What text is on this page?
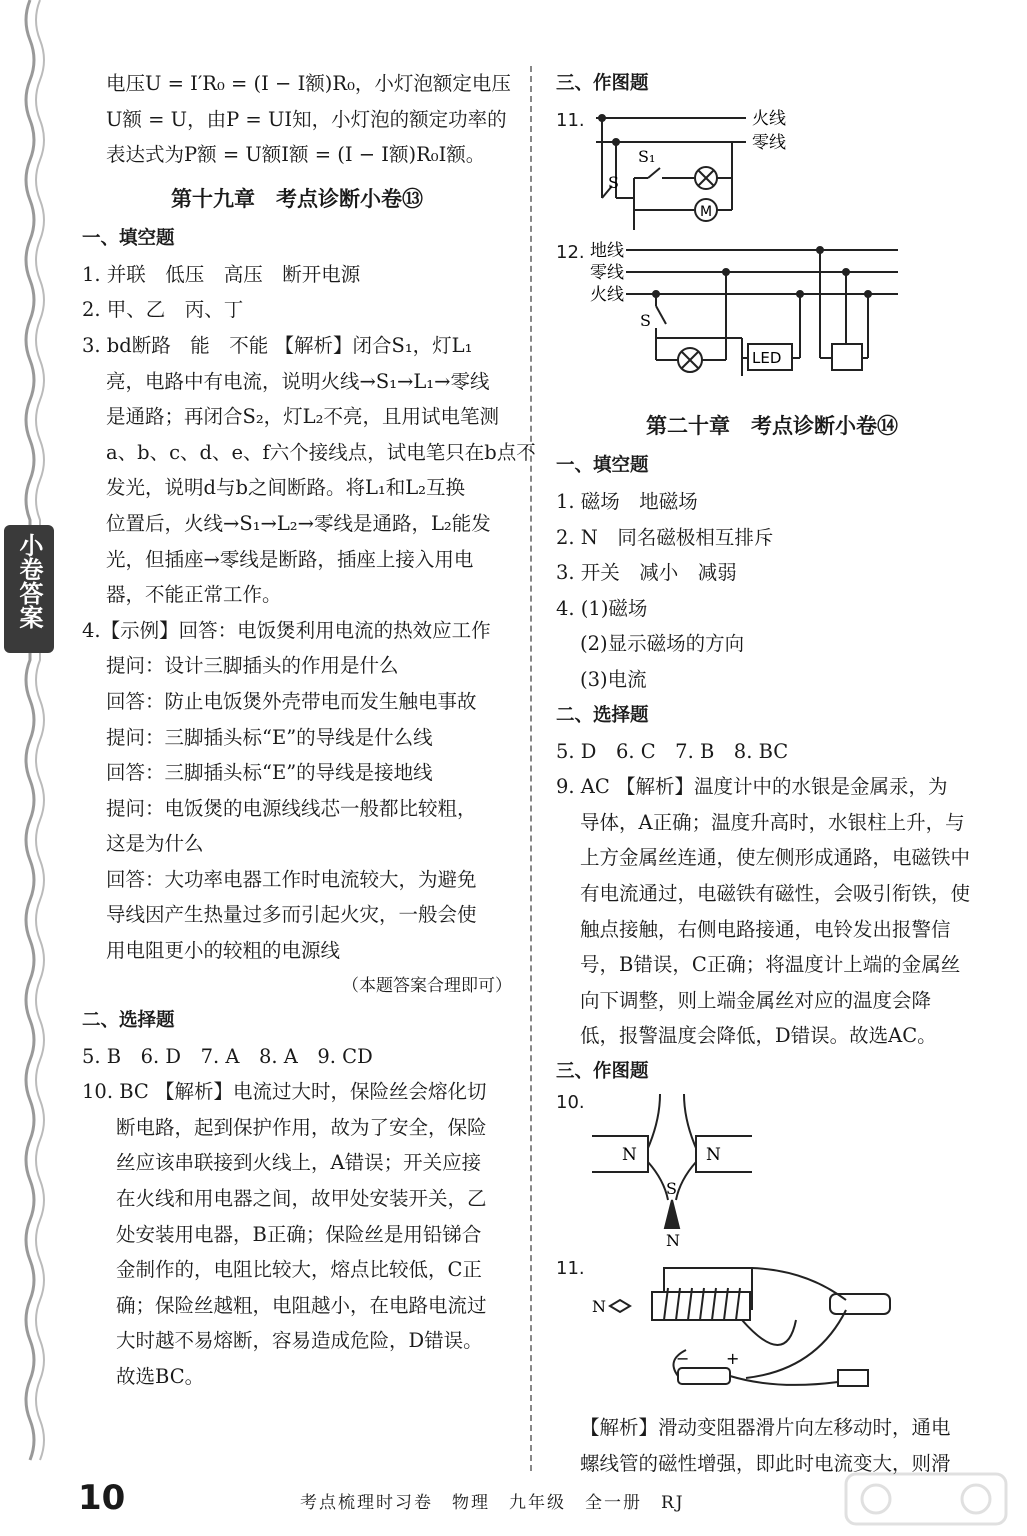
小卷答案
电压U = I′R₀ = (I − I额)R₀，小灯泡额定电压
U额 = U，由P = UI知，小灯泡的额定功率的
表达式为P额 = U额I额 = (I − I额)R₀I额。
第十九章　考点诊断小卷⑬
一、填空题
1. 并联　低压　高压　断开电源
2. 甲、乙　丙、丁
3. bd断路　能　不能 【解析】闭合S₁，灯L₁
亮，电路中有电流，说明火线→S₁→L₁→零线
是通路；再闭合S₂，灯L₂不亮，且用试电笔测
a、b、c、d、e、f六个接线点，试电笔只在b点不
发光，说明d与b之间断路。将L₁和L₂互换
位置后，火线→S₁→L₂→零线是通路，L₂能发
光，但插座→零线是断路，插座上接入用电
器，不能正常工作。
4.【示例】回答：电饭煲利用电流的热效应工作
提问：设计三脚插头的作用是什么
回答：防止电饭煲外壳带电而发生触电事故
提问：三脚插头标“E”的导线是什么线
回答：三脚插头标“E”的导线是接地线
提问：电饭煲的电源线线芯一般都比较粗，
这是为什么
回答：大功率电器工作时电流较大，为避免
导线因产生热量过多而引起火灾，一般会使
用电阻更小的较粗的电源线
（本题答案合理即可）
二、选择题
5. B　6. D　7. A　8. A　9. CD
10. BC 【解析】电流过大时，保险丝会熔化切
断电路，起到保护作用，故为了安全，保险
丝应该串联接到火线上，A错误；开关应接
在火线和用电器之间，故甲处安装开关，乙
处安装用电器，B正确；保险丝是用铅锑合
金制作的，电阻比较大，熔点比较低，C正
确；保险丝越粗，电阻越小，在电路电流过
大时越不易熔断，容易造成危险，D错误。
故选BC。
三、作图题
11.	火线
零线
S
S₁
M
12. 地线
零线
火线
S
LED
第二十章　考点诊断小卷⑭
一、填空题
1. 磁场　地磁场
2. N　同名磁极相互排斥
3. 开关　减小　减弱
4. (1)磁场
(2)显示磁场的方向
(3)电流
二、选择题
5. D　6. C　7. B　8. BC
9. AC 【解析】温度计中的水银是金属汞，为
导体，A正确；温度升高时，水银柱上升，与
上方金属丝连通，使左侧形成通路，电磁铁中
有电流通过，电磁铁有磁性，会吸引衔铁，使
触点接触，右侧电路接通，电铃发出报警信
号，B错误，C正确；将温度计上端的金属丝
向下调整，则上端金属丝对应的温度会降
低，报警温度会降低，D错误。故选AC。
三、作图题
10.
N	N
S
N
11.
N
− +
【解析】滑动变阻器滑片向左移动时，通电
螺线管的磁性增强，即此时电流变大，则滑
10	考点梳理时习卷　物理　九年级　全一册　RJ
